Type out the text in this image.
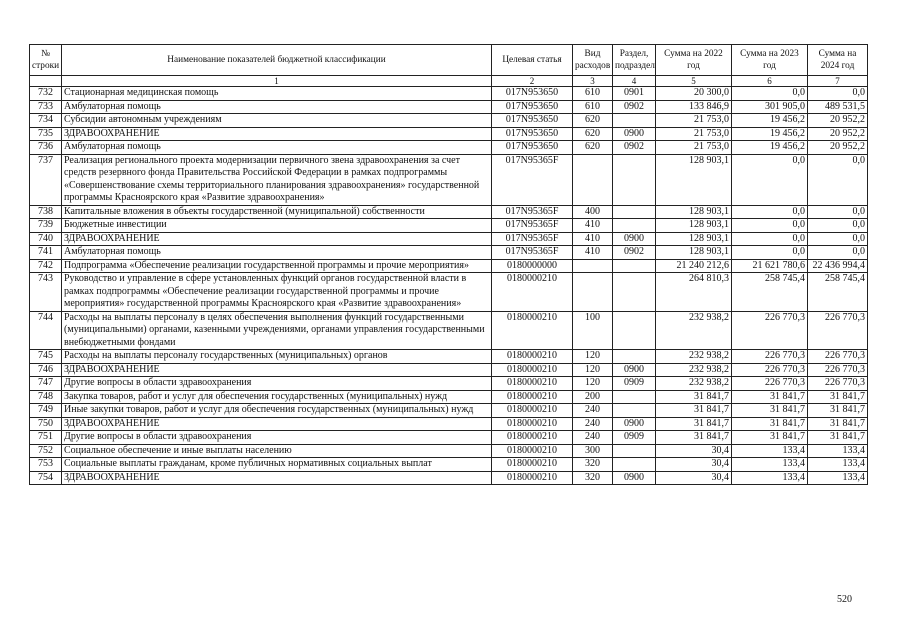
№ строки	Наименование показателей бюджетной классификации	Целевая статья	Вид расходов	Раздел, подраздел	Сумма на 2022 год	Сумма на 2023 год	Сумма на 2024 год
	1	2	3	4	5	6	7
732	Стационарная медицинская помощь	017N953650	610	0901	20 300,0	0,0	0,0
733	Амбулаторная помощь	017N953650	610	0902	133 846,9	301 905,0	489 531,5
734	Субсидии автономным учреждениям	017N953650	620		21 753,0	19 456,2	20 952,2
735	ЗДРАВООХРАНЕНИЕ	017N953650	620	0900	21 753,0	19 456,2	20 952,2
736	Амбулаторная помощь	017N953650	620	0902	21 753,0	19 456,2	20 952,2
737	Реализация регионального проекта модернизации первичного звена здравоохранения за счет средств резервного фонда Правительства Российской Федерации в рамках подпрограммы «Совершенствование схемы территориального планирования здравоохранения» государственной программы Красноярского края «Развитие здравоохранения»	017N95365F			128 903,1	0,0	0,0
738	Капитальные вложения в объекты государственной (муниципальной) собственности	017N95365F	400		128 903,1	0,0	0,0
739	Бюджетные инвестиции	017N95365F	410		128 903,1	0,0	0,0
740	ЗДРАВООХРАНЕНИЕ	017N95365F	410	0900	128 903,1	0,0	0,0
741	Амбулаторная помощь	017N95365F	410	0902	128 903,1	0,0	0,0
742	Подпрограмма «Обеспечение реализации государственной программы и прочие мероприятия»	0180000000			21 240 212,6	21 621 780,6	22 436 994,4
743	Руководство и управление в сфере установленных функций органов государственной власти в рамках подпрограммы «Обеспечение реализации государственной программы и прочие мероприятия» государственной программы Красноярского края «Развитие здравоохранения»	0180000210			264 810,3	258 745,4	258 745,4
744	Расходы на выплаты персоналу в целях обеспечения выполнения функций государственными (муниципальными) органами, казенными учреждениями, органами управления государственными внебюджетными фондами	0180000210	100		232 938,2	226 770,3	226 770,3
745	Расходы на выплаты персоналу государственных (муниципальных) органов	0180000210	120		232 938,2	226 770,3	226 770,3
746	ЗДРАВООХРАНЕНИЕ	0180000210	120	0900	232 938,2	226 770,3	226 770,3
747	Другие вопросы в области здравоохранения	0180000210	120	0909	232 938,2	226 770,3	226 770,3
748	Закупка товаров, работ и услуг для обеспечения государственных (муниципальных) нужд	0180000210	200		31 841,7	31 841,7	31 841,7
749	Иные закупки товаров, работ и услуг для обеспечения государственных (муниципальных) нужд	0180000210	240		31 841,7	31 841,7	31 841,7
750	ЗДРАВООХРАНЕНИЕ	0180000210	240	0900	31 841,7	31 841,7	31 841,7
751	Другие вопросы в области здравоохранения	0180000210	240	0909	31 841,7	31 841,7	31 841,7
752	Социальное обеспечение и иные выплаты населению	0180000210	300		30,4	133,4	133,4
753	Социальные выплаты гражданам, кроме публичных нормативных социальных выплат	0180000210	320		30,4	133,4	133,4
754	ЗДРАВООХРАНЕНИЕ	0180000210	320	0900	30,4	133,4	133,4
520
